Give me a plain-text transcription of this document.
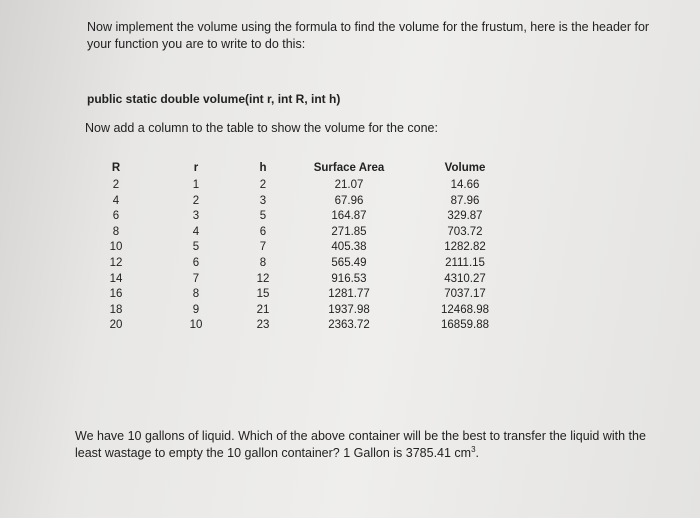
Now implement the volume using the formula to find the volume for the frustum, here is the header for your function you are to write to do this:

public static double volume(int r, int R, int h)

Now add a column to the table to show the volume for the cone:

R	r	h	Surface Area	Volume
2	1	2	21.07	14.66
4	2	3	67.96	87.96
6	3	5	164.87	329.87
8	4	6	271.85	703.72
10	5	7	405.38	1282.82
12	6	8	565.49	2111.15
14	7	12	916.53	4310.27
16	8	15	1281.77	7037.17
18	9	21	1937.98	12468.98
20	10	23	2363.72	16859.88

We have 10 gallons of liquid. Which of the above container will be the best to transfer the liquid with the least wastage to empty the 10 gallon container? 1 Gallon is 3785.41 $cm^3$.
